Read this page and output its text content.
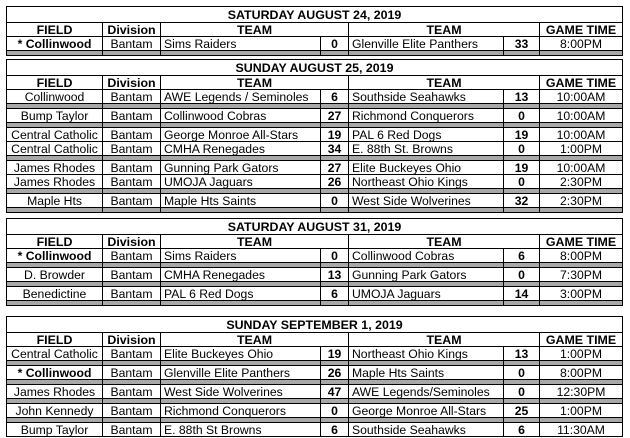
SATURDAY AUGUST 24, 2019						
FIELD	Division	TEAM		TEAM		GAME TIME
* Collinwood	Bantam	Sims Raiders	0	Glenville Elite Panthers	33	8:00PM

SUNDAY AUGUST 25, 2019						
FIELD	Division	TEAM		TEAM		GAME TIME
Collinwood	Bantam	AWE Legends / Seminoles	6	Southside Seahawks	13	10:00AM

Bump Taylor	Bantam	Collinwood Cobras	27	Richmond Conquerors	0	10:00AM

Central Catholic	Bantam	George Monroe All-Stars	19	PAL 6 Red Dogs	19	10:00AM
Central Catholic	Bantam	CMHA Renegades	34	E. 88th St. Browns	0	1:00PM

James Rhodes	Bantam	Gunning Park Gators	27	Elite Buckeyes Ohio	19	10:00AM
James Rhodes	Bantam	UMOJA Jaguars	26	Northeast Ohio Kings	0	2:30PM

Maple Hts	Bantam	Maple Hts Saints	0	West Side Wolverines	32	2:30PM

SATURDAY AUGUST 31, 2019						
FIELD	Division	TEAM		TEAM		GAME TIME
* Collinwood	Bantam	Sims Raiders	0	Collinwood Cobras	6	8:00PM

D. Browder	Bantam	CMHA Renegades	13	Gunning Park Gators	0	7:30PM

Benedictine	Bantam	PAL 6 Red Dogs	6	UMOJA Jaguars	14	3:00PM

SUNDAY SEPTEMBER 1, 2019						
FIELD	Division	TEAM		TEAM		GAME TIME
Central Catholic	Bantam	Elite Buckeyes Ohio	19	Northeast Ohio Kings	13	1:00PM

* Collinwood	Bantam	Glenville Elite Panthers	26	Maple Hts Saints	0	8:00PM

James Rhodes	Bantam	West Side Wolverines	47	AWE Legends/Seminoles	0	12:30PM

John Kennedy	Bantam	Richmond Conquerors	0	George Monroe All-Stars	25	1:00PM

Bump Taylor	Bantam	E. 88th St Browns	6	Southside Seahawks	6	11:30AM
